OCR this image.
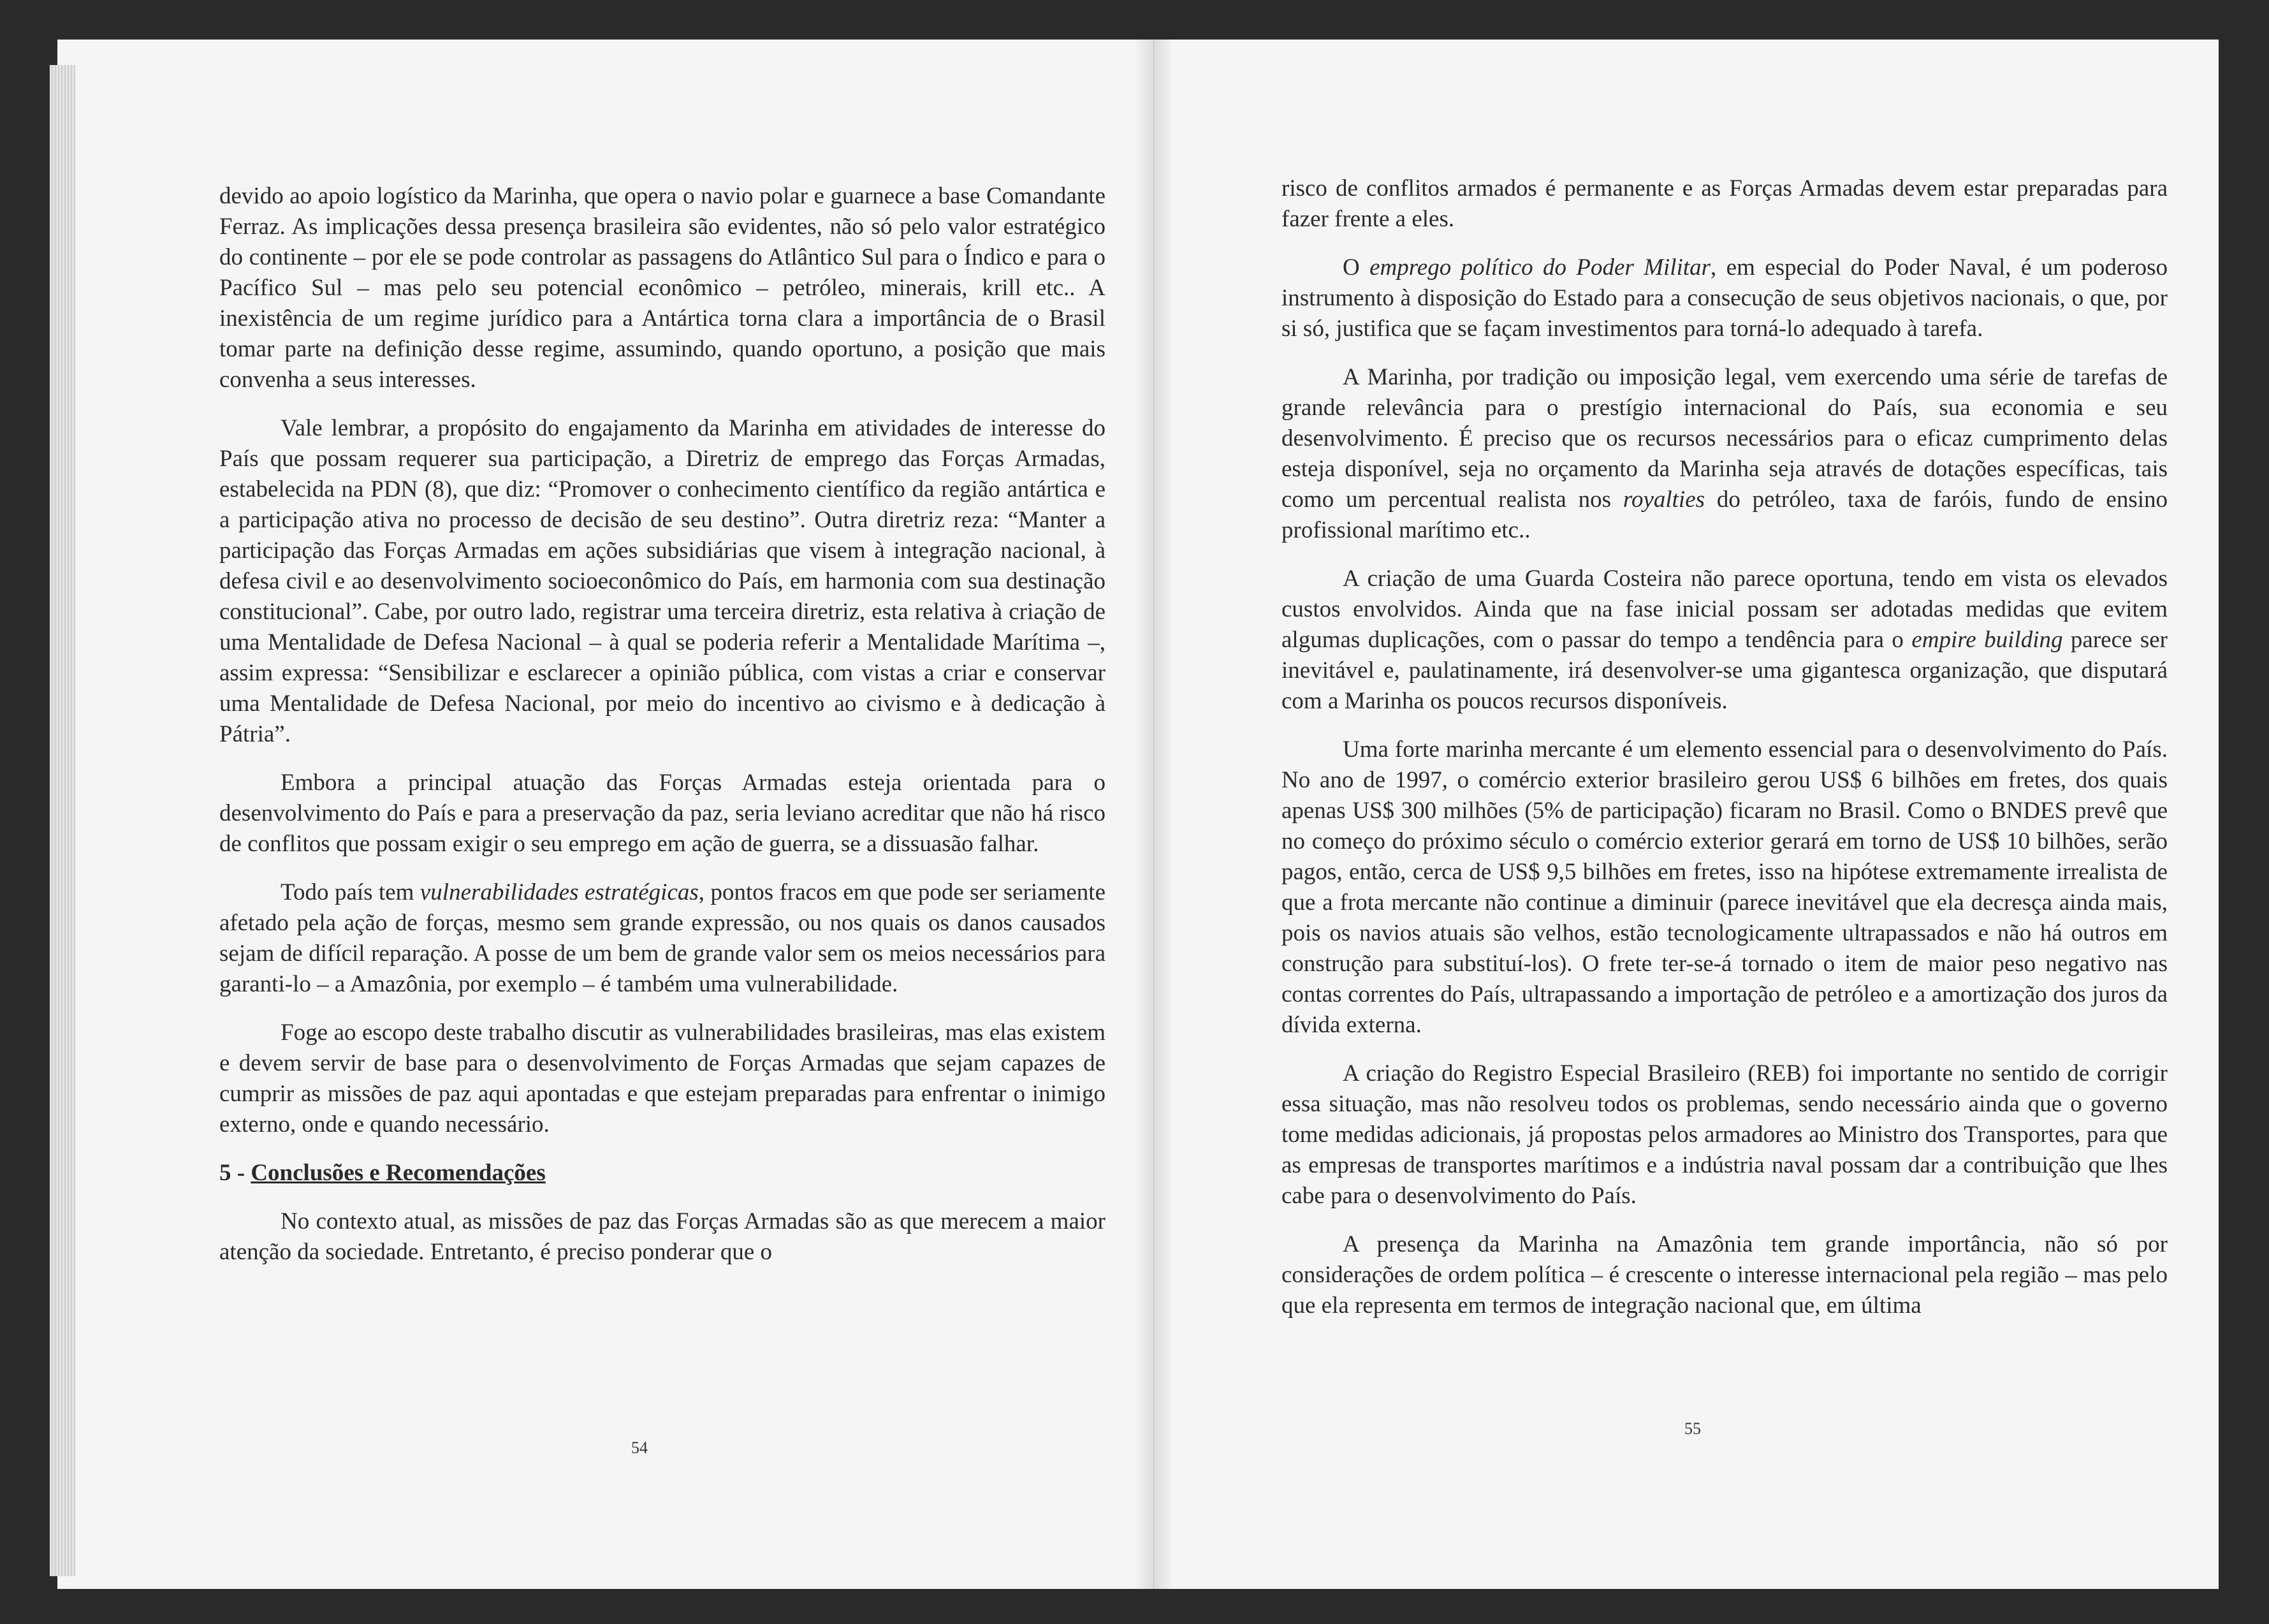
devido ao apoio logístico da Marinha, que opera o navio polar e guarnece a base Comandante Ferraz. As implicações dessa presença brasileira são evidentes, não só pelo valor estratégico do continente – por ele se pode controlar as passagens do Atlântico Sul para o Índico e para o Pacífico Sul – mas pelo seu potencial econômico – petróleo, minerais, krill etc.. A inexistência de um regime jurídico para a Antártica torna clara a importância de o Brasil tomar parte na definição desse regime, assumindo, quando oportuno, a posição que mais convenha a seus interesses.

Vale lembrar, a propósito do engajamento da Marinha em atividades de interesse do País que possam requerer sua participação, a Diretriz de emprego das Forças Armadas, estabelecida na PDN (8), que diz: “Promover o conhecimento científico da região antártica e a participação ativa no processo de decisão de seu destino”. Outra diretriz reza: “Manter a participação das Forças Armadas em ações subsidiárias que visem à integração nacional, à defesa civil e ao desenvolvimento socioeconômico do País, em harmonia com sua destinação constitucional”. Cabe, por outro lado, registrar uma terceira diretriz, esta relativa à criação de uma Mentalidade de Defesa Nacional – à qual se poderia referir a Mentalidade Marítima –, assim expressa: “Sensibilizar e esclarecer a opinião pública, com vistas a criar e conservar uma Mentalidade de Defesa Nacional, por meio do incentivo ao civismo e à dedicação à Pátria”.

Embora a principal atuação das Forças Armadas esteja orientada para o desenvolvimento do País e para a preservação da paz, seria leviano acreditar que não há risco de conflitos que possam exigir o seu emprego em ação de guerra, se a dissuasão falhar.

Todo país tem vulnerabilidades estratégicas, pontos fracos em que pode ser seriamente afetado pela ação de forças, mesmo sem grande expressão, ou nos quais os danos causados sejam de difícil reparação. A posse de um bem de grande valor sem os meios necessários para garanti-lo – a Amazônia, por exemplo – é também uma vulnerabilidade.

Foge ao escopo deste trabalho discutir as vulnerabilidades brasileiras, mas elas existem e devem servir de base para o desenvolvimento de Forças Armadas que sejam capazes de cumprir as missões de paz aqui apontadas e que estejam preparadas para enfrentar o inimigo externo, onde e quando necessário.

5 - Conclusões e Recomendações

No contexto atual, as missões de paz das Forças Armadas são as que merecem a maior atenção da sociedade. Entretanto, é preciso ponderar que o

54

risco de conflitos armados é permanente e as Forças Armadas devem estar preparadas para fazer frente a eles.

O emprego político do Poder Militar, em especial do Poder Naval, é um poderoso instrumento à disposição do Estado para a consecução de seus objetivos nacionais, o que, por si só, justifica que se façam investimentos para torná-lo adequado à tarefa.

A Marinha, por tradição ou imposição legal, vem exercendo uma série de tarefas de grande relevância para o prestígio internacional do País, sua economia e seu desenvolvimento. É preciso que os recursos necessários para o eficaz cumprimento delas esteja disponível, seja no orçamento da Marinha seja através de dotações específicas, tais como um percentual realista nos royalties do petróleo, taxa de faróis, fundo de ensino profissional marítimo etc..

A criação de uma Guarda Costeira não parece oportuna, tendo em vista os elevados custos envolvidos. Ainda que na fase inicial possam ser adotadas medidas que evitem algumas duplicações, com o passar do tempo a tendência para o empire building parece ser inevitável e, paulatinamente, irá desenvolver-se uma gigantesca organização, que disputará com a Marinha os poucos recursos disponíveis.

Uma forte marinha mercante é um elemento essencial para o desenvolvimento do País. No ano de 1997, o comércio exterior brasileiro gerou US$ 6 bilhões em fretes, dos quais apenas US$ 300 milhões (5% de participação) ficaram no Brasil. Como o BNDES prevê que no começo do próximo século o comércio exterior gerará em torno de US$ 10 bilhões, serão pagos, então, cerca de US$ 9,5 bilhões em fretes, isso na hipótese extremamente irrealista de que a frota mercante não continue a diminuir (parece inevitável que ela decresça ainda mais, pois os navios atuais são velhos, estão tecnologicamente ultrapassados e não há outros em construção para substituí-los). O frete ter-se-á tornado o item de maior peso negativo nas contas correntes do País, ultrapassando a importação de petróleo e a amortização dos juros da dívida externa.

A criação do Registro Especial Brasileiro (REB) foi importante no sentido de corrigir essa situação, mas não resolveu todos os problemas, sendo necessário ainda que o governo tome medidas adicionais, já propostas pelos armadores ao Ministro dos Transportes, para que as empresas de transportes marítimos e a indústria naval possam dar a contribuição que lhes cabe para o desenvolvimento do País.

A presença da Marinha na Amazônia tem grande importância, não só por considerações de ordem política – é crescente o interesse internacional pela região – mas pelo que ela representa em termos de integração nacional que, em última

55
